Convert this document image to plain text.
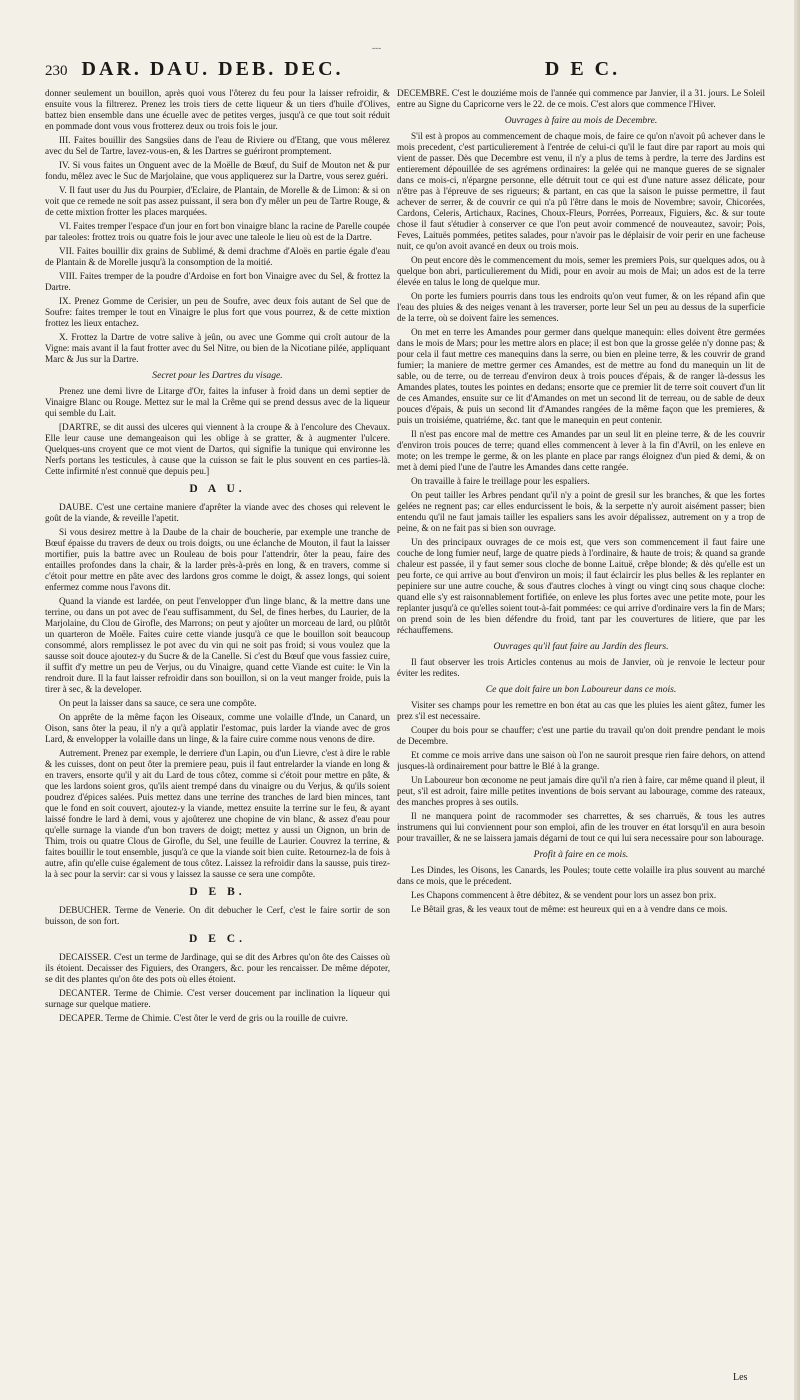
---
230 DAR. DAU. DEB. DEC.	D E C.

donner seulement un bouillon, après quoi vous l'ôterez du feu pour la laisser refroidir, & ensuite vous la filtrerez. Prenez les trois tiers de cette liqueur & un tiers d'huile d'Olives, battez bien ensemble dans une écuelle avec de petites verges, jusqu'à ce que tout soit réduit en pommade dont vous vous frotterez deux ou trois fois le jour.

III. Faites bouillir des Sangsües dans de l'eau de Riviere ou d'Etang, que vous mêlerez avec du Sel de Tartre, lavez-vous-en, & les Dartres se guériront promptement.

IV. Si vous faites un Onguent avec de la Moëlle de Bœuf, du Suif de Mouton net & pur fondu, mêlez avec le Suc de Marjolaine, que vous appliquerez sur la Dartre, vous serez guéri.

V. Il faut user du Jus du Pourpier, d'Eclaire, de Plantain, de Morelle & de Limon: & si on voit que ce remede ne soit pas assez puissant, il sera bon d'y mêler un peu de Tartre Rouge, & de cette mixtion frotter les places marquées.

VI. Faites tremper l'espace d'un jour en fort bon vinaigre blanc la racine de Parelle coupée par taleoles: frottez trois ou quatre fois le jour avec une taleole le lieu où est de la Dartre.

VII. Faites bouillir dix grains de Sublimé, & demi drachme d'Aloës en partie égale d'eau de Plantain & de Morelle jusqu'à la consomption de la moitié.

VIII. Faites tremper de la poudre d'Ardoise en fort bon Vinaigre avec du Sel, & frottez la Dartre.

IX. Prenez Gomme de Cerisier, un peu de Soufre, avec deux fois autant de Sel que de Soufre: faites tremper le tout en Vinaigre le plus fort que vous pourrez, & de cette mixtion frottez les lieux entachez.

X. Frottez la Dartre de votre salive à jeûn, ou avec une Gomme qui croît autour de la Vigne: mais avant il la faut frotter avec du Sel Nitre, ou bien de la Nicotiane pilée, appliquant Marc & Jus sur la Dartre.

Secret pour les Dartres du visage.

Prenez une demi livre de Litarge d'Or, faites la infuser à froid dans un demi septier de Vinaigre Blanc ou Rouge. Mettez sur le mal la Crême qui se prend dessus avec de la liqueur qui semble du Lait.

[DARTRE, se dit aussi des ulceres qui viennent à la croupe & à l'encolure des Chevaux. Elle leur cause une demangeaison qui les oblige à se gratter, & à augmenter l'ulcere. Quelques-uns croyent que ce mot vient de Dartos, qui signifie la tunique qui environne les Nerfs portans les testicules, à cause que la cuisson se fait le plus souvent en ces parties-là. Cette infirmité n'est connuë que depuis peu.]

D A U.

DAUBE. C'est une certaine maniere d'aprêter la viande avec des choses qui relevent le goût de la viande, & reveille l'apetit.

Si vous desirez mettre à la Daube de la chair de boucherie, par exemple une tranche de Bœuf épaisse du travers de deux ou trois doigts, ou une éclanche de Mouton, il faut la laisser mortifier, puis la battre avec un Rouleau de bois pour l'attendrir, ôter la peau, faire des entailles profondes dans la chair, & la larder près-à-près en long, & en travers, comme si c'étoit pour mettre en pâte avec des lardons gros comme le doigt, & assez longs, qui soient enfermez comme nous l'avons dit.

Quand la viande est lardée, on peut l'envelopper d'un linge blanc, & la mettre dans une terrine, ou dans un pot avec de l'eau suffisamment, du Sel, de fines herbes, du Laurier, de la Marjolaine, du Clou de Girofle, des Marrons; on peut y ajoûter un morceau de lard, ou plûtôt un quarteron de Moële. Faites cuire cette viande jusqu'à ce que le bouillon soit beaucoup consommé, alors remplissez le pot avec du vin qui ne soit pas froid; si vous voulez que la sausse soit douce ajoutez-y du Sucre & de la Canelle. Si c'est du Bœuf que vous fassiez cuire, il suffit d'y mettre un peu de Verjus, ou du Vinaigre, quand cette Viande est cuite: le Vin la rendroit dure. Il la faut laisser refroidir dans son bouillon, si on la veut manger froide, puis la tirer à sec, & la developer.

On peut la laisser dans sa sauce, ce sera une compôte.

On apprête de la même façon les Oiseaux, comme une volaille d'Inde, un Canard, un Oison, sans ôter la peau, il n'y a qu'à applatir l'estomac, puis larder la viande avec de gros Lard, & envelopper la volaille dans un linge, & la faire cuire comme nous venons de dire.

Autrement. Prenez par exemple, le derriere d'un Lapin, ou d'un Lievre, c'est à dire le rable & les cuisses, dont on peut ôter la premiere peau, puis il faut entrelarder la viande en long & en travers, ensorte qu'il y ait du Lard de tous côtez, comme si c'étoit pour mettre en pâte, & que les lardons soient gros, qu'ils aient trempé dans du vinaigre ou du Verjus, & qu'ils soient poudrez d'épices salées. Puis mettez dans une terrine des tranches de lard bien minces, tant que le fond en soit couvert, ajoutez-y la viande, mettez ensuite la terrine sur le feu, & ayant laissé fondre le lard à demi, vous y ajoûterez une chopine de vin blanc, & assez d'eau pour qu'elle surnage la viande d'un bon travers de doigt; mettez y aussi un Oignon, un brin de Thim, trois ou quatre Clous de Girofle, du Sel, une feuille de Laurier. Couvrez la terrine, & faites bouillir le tout ensemble, jusqu'à ce que la viande soit bien cuite. Retournez-la de fois à autre, afin qu'elle cuise également de tous côtez. Laissez la refroidir dans la sausse, puis tirez-la à sec pour la servir: car si vous y laissez la sausse ce sera une compôte.

D E B.

DEBUCHER. Terme de Venerie. On dit debucher le Cerf, c'est le faire sortir de son buisson, de son fort.

D E C.

DECAISSER. C'est un terme de Jardinage, qui se dit des Arbres qu'on ôte des Caisses où ils étoient. Decaisser des Figuiers, des Orangers, &c. pour les rencaisser. De même dépoter, se dit des plantes qu'on ôte des pots où elles étoient.

DECANTER. Terme de Chimie. C'est verser doucement par inclination la liqueur qui surnage sur quelque matiere.

DECAPER. Terme de Chimie. C'est ôter le verd de gris ou la rouille de cuivre.

DECEMBRE. C'est le douziéme mois de l'année qui commence par Janvier, il a 31. jours. Le Soleil entre au Signe du Capricorne vers le 22. de ce mois. C'est alors que commence l'Hiver.

Ouvrages à faire au mois de Decembre.

S'il est à propos au commencement de chaque mois, de faire ce qu'on n'avoit pû achever dans le mois precedent, c'est particulierement à l'entrée de celui-ci qu'il le faut dire par raport au mois qui vient de passer. Dès que Decembre est venu, il n'y a plus de tems à perdre, la terre des Jardins est entierement dépouillée de ses agrémens ordinaires: la gelée qui ne manque gueres de se signaler dans ce mois-ci, n'épargne personne, elle détruit tout ce qui est d'une nature assez délicate, pour n'être pas à l'épreuve de ses rigueurs; & partant, en cas que la saison le puisse permettre, il faut achever de serrer, & de couvrir ce qui n'a pû l'être dans le mois de Novembre; savoir, Chicorées, Cardons, Celeris, Artichaux, Racines, Choux-Fleurs, Porrées, Porreaux, Figuiers, &c. & sur toute chose il faut s'étudier à conserver ce que l'on peut avoir commencé de nouveautez, savoir; Pois, Feves, Laituës pommées, petites salades, pour n'avoir pas le déplaisir de voir perir en une facheuse nuit, ce qu'on avoit avancé en deux ou trois mois.

On peut encore dès le commencement du mois, semer les premiers Pois, sur quelques ados, ou à quelque bon abri, particulierement du Midi, pour en avoir au mois de Mai; un ados est de la terre élevée en talus le long de quelque mur.

On porte les fumiers pourris dans tous les endroits qu'on veut fumer, & on les répand afin que l'eau des pluies & des neiges venant à les traverser, porte leur Sel un peu au dessus de la superficie de la terre, où se doivent faire les semences.

On met en terre les Amandes pour germer dans quelque manequin: elles doivent être germées dans le mois de Mars; pour les mettre alors en place; il est bon que la grosse gelée n'y donne pas; & pour cela il faut mettre ces manequins dans la serre, ou bien en pleine terre, & les couvrir de grand fumier; la maniere de mettre germer ces Amandes, est de mettre au fond du manequin un lit de sable, ou de terre, ou de terreau d'environ deux à trois pouces d'épais, & de ranger là-dessus les Amandes plates, toutes les pointes en dedans; ensorte que ce premier lit de terre soit couvert d'un lit de ces Amandes, ensuite sur ce lit d'Amandes on met un second lit de terreau, ou de sable de deux pouces d'épais, & puis un second lit d'Amandes rangées de la même façon que les premieres, & puis un troisiéme, quatriéme, &c. tant que le manequin en peut contenir.

Il n'est pas encore mal de mettre ces Amandes par un seul lit en pleine terre, & de les couvrir d'environ trois pouces de terre; quand elles commencent à lever à la fin d'Avril, on les enleve en mote; on les trempe le germe, & on les plante en place par rangs éloignez d'un pied & demi, & on met à demi pied l'une de l'autre les Amandes dans cette rangée.

On travaille à faire le treillage pour les espaliers.

On peut tailler les Arbres pendant qu'il n'y a point de gresil sur les branches, & que les fortes gelées ne regnent pas; car elles endurcissent le bois, & la serpette n'y auroit aisément passer; bien entendu qu'il ne faut jamais tailler les espaliers sans les avoir dépalissez, autrement on y a trop de peine, & on ne fait pas si bien son ouvrage.

Un des principaux ouvrages de ce mois est, que vers son commencement il faut faire une couche de long fumier neuf, large de quatre pieds à l'ordinaire, & haute de trois; & quand sa grande chaleur est passée, il y faut semer sous cloche de bonne Laituë, crêpe blonde; & dès qu'elle est un peu forte, ce qui arrive au bout d'environ un mois; il faut éclaircir les plus belles & les replanter en pepiniere sur une autre couche, & sous d'autres cloches à vingt ou vingt cinq sous chaque cloche: quand elle s'y est raisonnablement fortifiée, on enleve les plus fortes avec une petite mote, pour les replanter jusqu'à ce qu'elles soient tout-à-fait pommées: ce qui arrive d'ordinaire vers la fin de Mars; on prend soin de les bien défendre du froid, tant par les couvertures de litiere, que par les réchauffemens.

Ouvrages qu'il faut faire au Jardin des fleurs.

Il faut observer les trois Articles contenus au mois de Janvier, où je renvoie le lecteur pour éviter les redites.

Ce que doit faire un bon Laboureur dans ce mois.

Visiter ses champs pour les remettre en bon état au cas que les pluies les aient gâtez, fumer les prez s'il est necessaire.

Couper du bois pour se chauffer; c'est une partie du travail qu'on doit prendre pendant le mois de Decembre.

Et comme ce mois arrive dans une saison où l'on ne sauroit presque rien faire dehors, on attend jusques-là ordinairement pour battre le Blé à la grange.

Un Laboureur bon œconome ne peut jamais dire qu'il n'a rien à faire, car même quand il pleut, il peut, s'il est adroit, faire mille petites inventions de bois servant au labourage, comme des rateaux, des manches propres à ses outils.

Il ne manquera point de racommoder ses charrettes, & ses charruës, & tous les autres instrumens qui lui conviennent pour son emploi, afin de les trouver en état lorsqu'il en aura besoin pour travailler, & ne se laissera jamais dégarni de tout ce qui lui sera necessaire pour son labourage.

Profit à faire en ce mois.

Les Dindes, les Oisons, les Canards, les Poules; toute cette volaille ira plus souvent au marché dans ce mois, que le précedent.

Les Chapons commencent à être débitez, & se vendent pour lors un assez bon prix.

Le Bêtail gras, & les veaux tout de même: est heureux qui en a à vendre dans ce mois.

Les
